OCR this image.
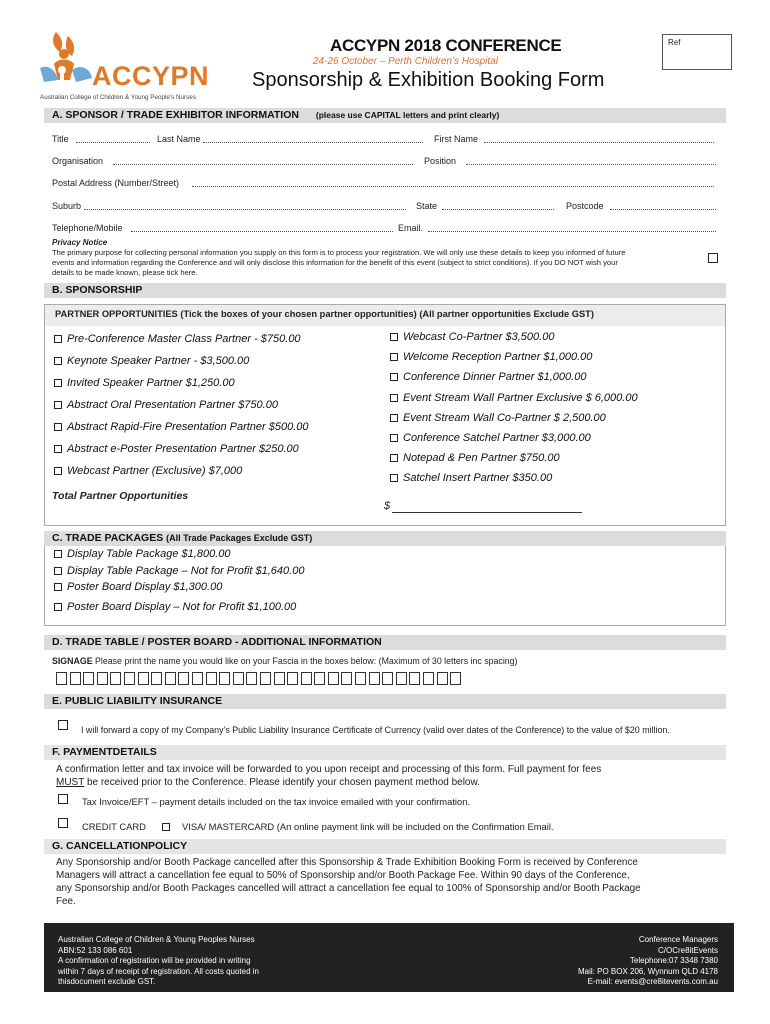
ACCYPN
Australian College of Children & Young People's Nurses
ACCYPN 2018 CONFERENCE
24-26 October – Perth Children’s Hospital
Sponsorship & Exhibition Booking Form
Ref
A. SPONSOR / TRADE EXHIBITOR INFORMATION (please use CAPITAL letters and print clearly)
Title	Last Name	First Name
Organisation	Position
Postal Address (Number/Street)
Suburb	State	Postcode
Telephone/Mobile	Email.
Privacy Notice
The primary purpose for collecting personal information you supply on this form is to process your registration. We will only use these details to keep you informed of future
events and information regarding the Conference and will only disclose this information for the benefit of this event (subject to strict conditions). If you DO NOT wish your
details to be made known, please tick here.
B. SPONSORSHIP
PARTNER OPPORTUNITIES (Tick the boxes of your chosen partner opportunities) (All partner opportunities Exclude GST)
Pre-Conference Master Class Partner - $750.00
Keynote Speaker Partner - $3,500.00
Invited Speaker Partner $1,250.00
Abstract Oral Presentation Partner $750.00
Abstract Rapid-Fire Presentation Partner $500.00
Abstract e-Poster Presentation Partner $250.00
Webcast Partner (Exclusive) $7,000
Webcast Co-Partner $3,500.00
Welcome Reception Partner $1,000.00
Conference Dinner Partner $1,000.00
Event Stream Wall Partner Exclusive $ 6,000.00
Event Stream Wall Co-Partner $ 2,500.00
Conference Satchel Partner $3,000.00
Notepad & Pen Partner $750.00
Satchel Insert Partner $350.00
Total Partner Opportunities
$
C. TRADE PACKAGES (All Trade Packages Exclude GST)
Display Table Package $1,800.00
Display Table Package – Not for Profit $1,640.00
Poster Board Display $1,300.00
Poster Board Display – Not for Profit $1,100.00
D. TRADE TABLE / POSTER BOARD - ADDITIONAL INFORMATION
SIGNAGE Please print the name you would like on your Fascia in the boxes below: (Maximum of 30 letters inc spacing)
E. PUBLIC LIABILITY INSURANCE
I will forward a copy of my Company’s Public Liability Insurance Certificate of Currency (valid over dates of the Conference) to the value of $20 million.
F. PAYMENTDETAILS
A confirmation letter and tax invoice will be forwarded to you upon receipt and processing of this form. Full payment for fees
MUST be received prior to the Conference. Please identify your chosen payment method below.
Tax Invoice/EFT – payment details included on the tax invoice emailed with your confirmation.
CREDIT CARD	VISA/ MASTERCARD (An online payment link will be included on the Confirmation Email.
G. CANCELLATIONPOLICY
Any Sponsorship and/or Booth Package cancelled after this Sponsorship & Trade Exhibition Booking Form is received by Conference
Managers will attract a cancellation fee equal to 50% of Sponsorship and/or Booth Package Fee. Within 90 days of the Conference,
any Sponsorship and/or Booth Packages cancelled will attract a cancellation fee equal to 100% of Sponsorship and/or Booth Package
Fee.
Australian College of Children & Young Peoples Nurses
ABN:52 133 086 601
A confirmation of registration will be provided in writing
within 7 days of receipt of registration. All costs quoted in
thisdocument exclude GST.
Conference Managers
C/OCre8itEvents
Telephone:07 3348 7380
Mail: PO BOX 206, Wynnum QLD 4178
E-mail: events@cre8itevents.com.au
